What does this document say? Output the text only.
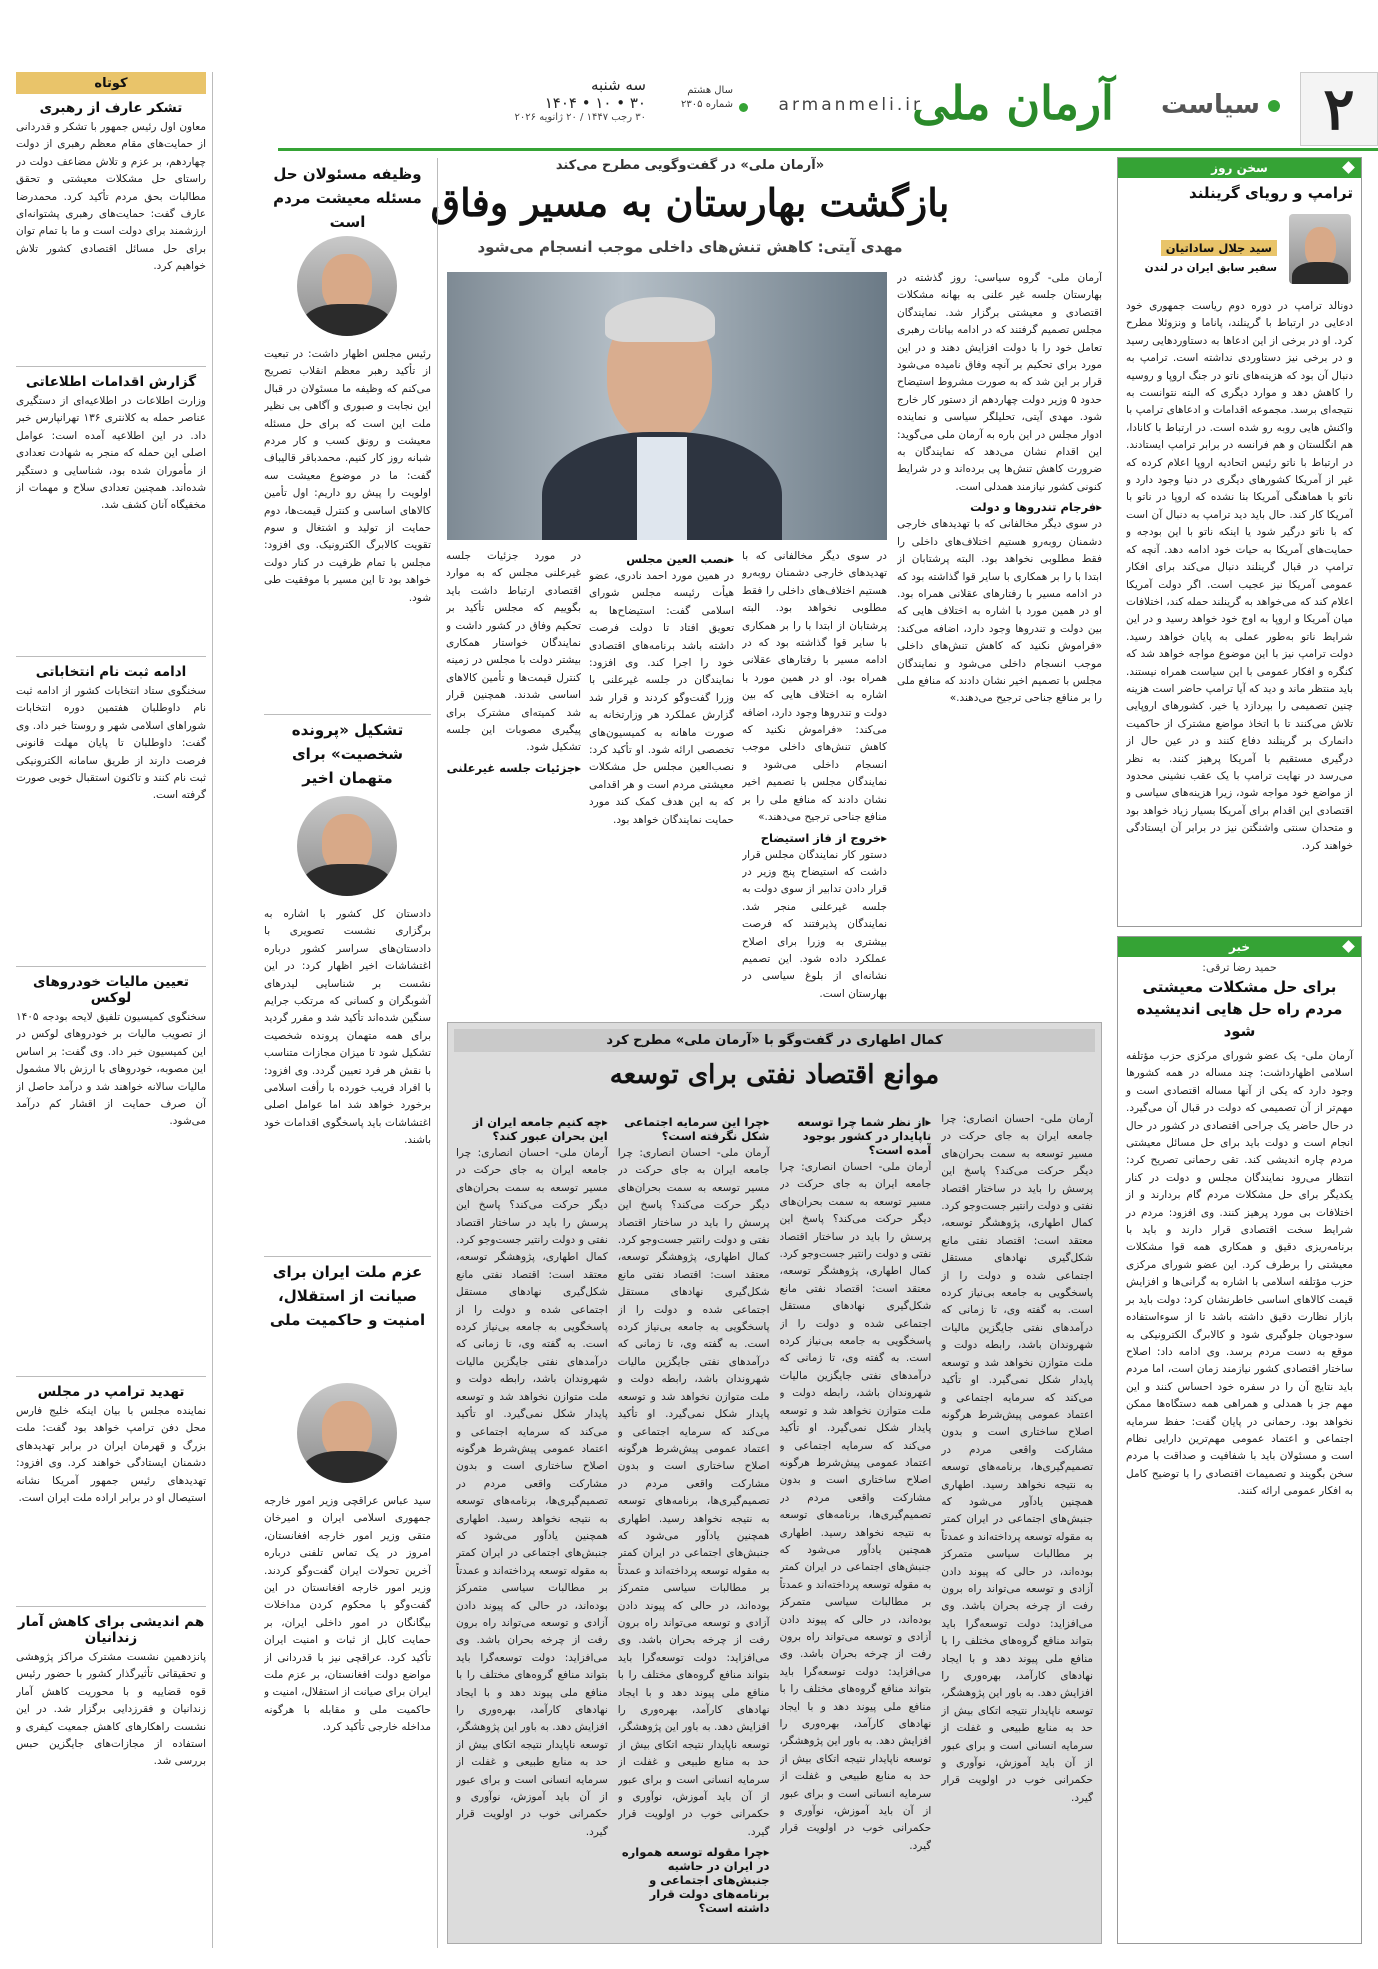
۲
سیاست
آرمان ملی
armanmeli.ir
سال هشتم
شماره ۲۳۰۵
سه شنبه
۳۰ • ۱۰ • ۱۴۰۴
۳۰ رجب ۱۴۴۷ / ۲۰ ژانویه ۲۰۲۶
سخن روز
ترامپ و رویای گرینلند
سید جلال ساداتیان
سفیر سابق ایران در لندن
دونالد ترامپ در دوره دوم ریاست جمهوری خود ادعایی در ارتباط با گرینلند، پاناما و ونزوئلا مطرح کرد. او در برخی از این ادعاها به دستاوردهایی رسید و در برخی نیز دستاوردی نداشته است. ترامپ به دنبال آن بود که هزینه‌های ناتو در جنگ اروپا و روسیه را کاهش دهد و موارد دیگری که البته نتوانست به نتیجه‌ای برسد. مجموعه اقدامات و ادعاهای ترامپ با واکنش هایی روبه رو شده است. در ارتباط با کانادا، هم انگلستان و هم فرانسه در برابر ترامپ ایستادند. در ارتباط با ناتو رئیس اتحادیه اروپا اعلام کرده که غیر از آمریکا کشورهای دیگری در دنیا وجود دارد و ناتو با هماهنگی آمریکا بنا نشده که اروپا در ناتو با آمریکا کار کند. حال باید دید ترامپ به دنبال آن است که با ناتو درگیر شود یا اینکه ناتو با این بودجه و حمایت‌های آمریکا به حیات خود ادامه دهد. آنچه که ترامپ در قبال گرینلند دنبال می‌کند برای افکار عمومی آمریکا نیز عجیب است. اگر دولت آمریکا اعلام کند که می‌خواهد به گرینلند حمله کند، اختلافات میان آمریکا و اروپا به اوج خود خواهد رسید و در این شرایط ناتو به‌طور عملی به پایان خواهد رسید. دولت ترامپ نیز با این موضوع مواجه خواهد شد که کنگره و افکار عمومی با این سیاست همراه نیستند. باید منتظر ماند و دید که آیا ترامپ حاضر است هزینه چنین تصمیمی را بپردازد یا خیر. کشورهای اروپایی تلاش می‌کنند تا با اتخاذ مواضع مشترک از حاکمیت دانمارک بر گرینلند دفاع کنند و در عین حال از درگیری مستقیم با آمریکا پرهیز کنند. به نظر می‌رسد در نهایت ترامپ با یک عقب نشینی محدود از مواضع خود مواجه شود، زیرا هزینه‌های سیاسی و اقتصادی این اقدام برای آمریکا بسیار زیاد خواهد بود و متحدان سنتی واشنگتن نیز در برابر آن ایستادگی خواهند کرد.
خبر
حمید رضا ترقی:
برای حل مشکلات معیشتی مردم راه حل هایی اندیشیده شود
آرمان ملی- یک عضو شورای مرکزی حزب مؤتلفه اسلامی اظهارداشت: چند مساله در همه کشورها وجود دارد که یکی از آنها مساله اقتصادی است و مهم‌تر از آن تصمیمی که دولت در قبال آن می‌گیرد. در حال حاضر یک جراحی اقتصادی در کشور در حال انجام است و دولت باید برای حل مسائل معیشتی مردم چاره اندیشی کند. تقی رحمانی تصریح کرد: انتظار می‌رود نمایندگان مجلس و دولت در کنار یکدیگر برای حل مشکلات مردم گام بردارند و از اختلافات بی مورد پرهیز کنند. وی افزود: مردم در شرایط سخت اقتصادی قرار دارند و باید با برنامه‌ریزی دقیق و همکاری همه قوا مشکلات معیشتی را برطرف کرد. این عضو شورای مرکزی حزب مؤتلفه اسلامی با اشاره به گرانی‌ها و افزایش قیمت کالاهای اساسی خاطرنشان کرد: دولت باید بر بازار نظارت دقیق داشته باشد تا از سوءاستفاده سودجویان جلوگیری شود و کالابرگ الکترونیکی به موقع به دست مردم برسد. وی ادامه داد: اصلاح ساختار اقتصادی کشور نیازمند زمان است، اما مردم باید نتایج آن را در سفره خود احساس کنند و این مهم جز با همدلی و همراهی همه دستگاه‌ها ممکن نخواهد بود. رحمانی در پایان گفت: حفظ سرمایه اجتماعی و اعتماد عمومی مهم‌ترین دارایی نظام است و مسئولان باید با شفافیت و صداقت با مردم سخن بگویند و تصمیمات اقتصادی را با توضیح کامل به افکار عمومی ارائه کنند.
«آرمان ملی» در گفت‌وگویی مطرح می‌کند
بازگشت بهارستان به مسیر وفاق
مهدی آیتی: کاهش تنش‌های داخلی موجب انسجام می‌شود
آرمان ملی- گروه سیاسی: روز گذشته در بهارستان جلسه غیر علنی به بهانه مشکلات اقتصادی و معیشتی برگزار شد. نمایندگان مجلس تصمیم گرفتند که در ادامه بیانات رهبری تعامل خود را با دولت افزایش دهند و در این مورد برای تحکیم بر آنچه وفاق نامیده می‌شود قرار بر این شد که به صورت مشروط استیضاح حدود ۵ وزیر دولت چهاردهم از دستور کار خارج شود. مهدی آیتی، تحلیلگر سیاسی و نماینده ادوار مجلس در این باره به آرمان ملی می‌گوید: این اقدام نشان می‌دهد که نمایندگان به ضرورت کاهش تنش‌ها پی برده‌اند و در شرایط کنونی کشور نیازمند همدلی است.
▸ فرجام تندروها و دولت
در سوی دیگر مخالفانی که با تهدیدهای خارجی دشمنان روبه‌رو هستیم اختلاف‌های داخلی را فقط مطلوبی نخواهد بود. البته پرشتابان از ابتدا با را بر همکاری با سایر قوا گذاشته بود که در ادامه مسیر با رفتارهای عقلانی همراه بود. او در همین مورد با اشاره به اختلاف هایی که بین دولت و تندروها وجود دارد، اضافه می‌کند: «فراموش نکنید که کاهش تنش‌های داخلی موجب انسجام داخلی می‌شود و نمایندگان مجلس با تصمیم اخیر نشان دادند که منافع ملی را بر منافع جناحی ترجیح می‌دهند.»
در سوی دیگر مخالفانی که با تهدیدهای خارجی دشمنان روبه‌رو هستیم اختلاف‌های داخلی را فقط مطلوبی نخواهد بود. البته پرشتابان از ابتدا با را بر همکاری با سایر قوا گذاشته بود که در ادامه مسیر با رفتارهای عقلانی همراه بود. او در همین مورد با اشاره به اختلاف هایی که بین دولت و تندروها وجود دارد، اضافه می‌کند: «فراموش نکنید که کاهش تنش‌های داخلی موجب انسجام داخلی می‌شود و نمایندگان مجلس با تصمیم اخیر نشان دادند که منافع ملی را بر منافع جناحی ترجیح می‌دهند.»
▸ خروج از فاز استیضاح
دستور کار نمایندگان مجلس قرار داشت که استیضاح پنج وزیر در قرار دادن تدابیر از سوی دولت به جلسه غیرعلنی منجر شد. نمایندگان پذیرفتند که فرصت بیشتری به وزرا برای اصلاح عملکرد داده شود. این تصمیم نشانه‌ای از بلوغ سیاسی در بهارستان است.
▸ نصب العین مجلس
در همین مورد احمد نادری، عضو هیأت رئیسه مجلس شورای اسلامی گفت: استیضاح‌ها به تعویق افتاد تا دولت فرصت داشته باشد برنامه‌های اقتصادی خود را اجرا کند. وی افزود: نمایندگان در جلسه غیرعلنی با وزرا گفت‌وگو کردند و قرار شد گزارش عملکرد هر وزارتخانه به صورت ماهانه به کمیسیون‌های تخصصی ارائه شود. او تأکید کرد: نصب‌العین مجلس حل مشکلات معیشتی مردم است و هر اقدامی که به این هدف کمک کند مورد حمایت نمایندگان خواهد بود.
در مورد جزئیات جلسه غیرعلنی مجلس که به موارد اقتصادی ارتباط داشت باید بگوییم که مجلس تأکید بر تحکیم وفاق در کشور داشت و نمایندگان خواستار همکاری بیشتر دولت با مجلس در زمینه کنترل قیمت‌ها و تأمین کالاهای اساسی شدند. همچنین قرار شد کمیته‌ای مشترک برای پیگیری مصوبات این جلسه تشکیل شود.
▸ جزئیات جلسه غیرعلنی
وظیفه مسئولان حل مسئله معیشت مردم است
رئیس مجلس اظهار داشت: در تبعیت از تأکید رهبر معظم انقلاب تصریح می‌کنم که وظیفه ما مسئولان در قبال این نجابت و صبوری و آگاهی بی نظیر ملت این است که برای حل مسئله معیشت و رونق کسب و کار مردم شبانه روز کار کنیم. محمدباقر قالیباف گفت: ما در موضوع معیشت سه اولویت را پیش رو داریم: اول تأمین کالاهای اساسی و کنترل قیمت‌ها، دوم حمایت از تولید و اشتغال و سوم تقویت کالابرگ الکترونیک. وی افزود: مجلس با تمام ظرفیت در کنار دولت خواهد بود تا این مسیر با موفقیت طی شود.
تشکیل «پرونده شخصیت» برای متهمان اخیر
دادستان کل کشور با اشاره به برگزاری نشست تصویری با دادستان‌های سراسر کشور درباره اغتشاشات اخیر اظهار کرد: در این نشست بر شناسایی لیدرهای آشوبگران و کسانی که مرتکب جرایم سنگین شده‌اند تأکید شد و مقرر گردید برای همه متهمان پرونده شخصیت تشکیل شود تا میزان مجازات متناسب با نقش هر فرد تعیین گردد. وی افزود: با افراد فریب خورده با رأفت اسلامی برخورد خواهد شد اما عوامل اصلی اغتشاشات باید پاسخگوی اقدامات خود باشند.
عزم ملت ایران برای صیانت از استقلال، امنیت و حاکمیت ملی
سید عباس عراقچی وزیر امور خارجه جمهوری اسلامی ایران و امیرخان متقی وزیر امور خارجه افغانستان، امروز در یک تماس تلفنی درباره آخرین تحولات ایران گفت‌وگو کردند. وزیر امور خارجه افغانستان در این گفت‌وگو با محکوم کردن مداخلات بیگانگان در امور داخلی ایران، بر حمایت کابل از ثبات و امنیت ایران تأکید کرد. عراقچی نیز با قدردانی از مواضع دولت افغانستان، بر عزم ملت ایران برای صیانت از استقلال، امنیت و حاکمیت ملی و مقابله با هرگونه مداخله خارجی تأکید کرد.
کوتاه
تشکر عارف از رهبری
معاون اول رئیس جمهور با تشکر و قدردانی از حمایت‌های مقام معظم رهبری از دولت چهاردهم، بر عزم و تلاش مضاعف دولت در راستای حل مشکلات معیشتی و تحقق مطالبات بحق مردم تأکید کرد. محمدرضا عارف گفت: حمایت‌های رهبری پشتوانه‌ای ارزشمند برای دولت است و ما با تمام توان برای حل مسائل اقتصادی کشور تلاش خواهیم کرد.
گزارش اقدامات اطلاعاتی
وزارت اطلاعات در اطلاعیه‌ای از دستگیری عناصر حمله به کلانتری ۱۳۶ تهرانپارس خبر داد. در این اطلاعیه آمده است: عوامل اصلی این حمله که منجر به شهادت تعدادی از مأموران شده بود، شناسایی و دستگیر شده‌اند. همچنین تعدادی سلاح و مهمات از مخفیگاه آنان کشف شد.
ادامه ثبت نام انتخاباتی
سخنگوی ستاد انتخابات کشور از ادامه ثبت نام داوطلبان هفتمین دوره انتخابات شوراهای اسلامی شهر و روستا خبر داد. وی گفت: داوطلبان تا پایان مهلت قانونی فرصت دارند از طریق سامانه الکترونیکی ثبت نام کنند و تاکنون استقبال خوبی صورت گرفته است.
تعیین مالیات خودروهای لوکس
سخنگوی کمیسیون تلفیق لایحه بودجه ۱۴۰۵ از تصویب مالیات بر خودروهای لوکس در این کمیسیون خبر داد. وی گفت: بر اساس این مصوبه، خودروهای با ارزش بالا مشمول مالیات سالانه خواهند شد و درآمد حاصل از آن صرف حمایت از اقشار کم درآمد می‌شود.
تهدید ترامپ در مجلس
نماینده مجلس با بیان اینکه خلیج فارس محل دفن ترامپ خواهد بود گفت: ملت بزرگ و قهرمان ایران در برابر تهدیدهای دشمنان ایستادگی خواهند کرد. وی افزود: تهدیدهای رئیس جمهور آمریکا نشانه استیصال او در برابر اراده ملت ایران است.
هم اندیشی برای کاهش آمار زندانیان
پانزدهمین نشست مشترک مراکز پژوهشی و تحقیقاتی تأثیرگذار کشور با حضور رئیس قوه قضاییه و با محوریت کاهش آمار زندانیان و فقرزدایی برگزار شد. در این نشست راهکارهای کاهش جمعیت کیفری و استفاده از مجازات‌های جایگزین حبس بررسی شد.
کمال اطهاری در گفت‌وگو با «آرمان ملی» مطرح کرد
موانع اقتصاد نفتی برای توسعه
آرمان ملی- احسان انصاری: چرا جامعه ایران به جای حرکت در مسیر توسعه به سمت بحران‌های دیگر حرکت می‌کند؟ پاسخ این پرسش را باید در ساختار اقتصاد نفتی و دولت رانتیر جست‌وجو کرد. کمال اطهاری، پژوهشگر توسعه، معتقد است: اقتصاد نفتی مانع شکل‌گیری نهادهای مستقل اجتماعی شده و دولت را از پاسخگویی به جامعه بی‌نیاز کرده است. به گفته وی، تا زمانی که درآمدهای نفتی جایگزین مالیات شهروندان باشد، رابطه دولت و ملت متوازن نخواهد شد و توسعه پایدار شکل نمی‌گیرد. او تأکید می‌کند که سرمایه اجتماعی و اعتماد عمومی پیش‌شرط هرگونه اصلاح ساختاری است و بدون مشارکت واقعی مردم در تصمیم‌گیری‌ها، برنامه‌های توسعه به نتیجه نخواهد رسید. اطهاری همچنین یادآور می‌شود که جنبش‌های اجتماعی در ایران کمتر به مقوله توسعه پرداخته‌اند و عمدتاً بر مطالبات سیاسی متمرکز بوده‌اند، در حالی که پیوند دادن آزادی و توسعه می‌تواند راه برون رفت از چرخه بحران باشد. وی می‌افزاید: دولت توسعه‌گرا باید بتواند منافع گروه‌های مختلف را با منافع ملی پیوند دهد و با ایجاد نهادهای کارآمد، بهره‌وری را افزایش دهد. به باور این پژوهشگر، توسعه ناپایدار نتیجه اتکای بیش از حد به منابع طبیعی و غفلت از سرمایه انسانی است و برای عبور از آن باید آموزش، نوآوری و حکمرانی خوب در اولویت قرار گیرد.
▸ از نظر شما چرا توسعه ناپایدار در کشور بوجود آمده است؟
آرمان ملی- احسان انصاری: چرا جامعه ایران به جای حرکت در مسیر توسعه به سمت بحران‌های دیگر حرکت می‌کند؟ پاسخ این پرسش را باید در ساختار اقتصاد نفتی و دولت رانتیر جست‌وجو کرد. کمال اطهاری، پژوهشگر توسعه، معتقد است: اقتصاد نفتی مانع شکل‌گیری نهادهای مستقل اجتماعی شده و دولت را از پاسخگویی به جامعه بی‌نیاز کرده است. به گفته وی، تا زمانی که درآمدهای نفتی جایگزین مالیات شهروندان باشد، رابطه دولت و ملت متوازن نخواهد شد و توسعه پایدار شکل نمی‌گیرد. او تأکید می‌کند که سرمایه اجتماعی و اعتماد عمومی پیش‌شرط هرگونه اصلاح ساختاری است و بدون مشارکت واقعی مردم در تصمیم‌گیری‌ها، برنامه‌های توسعه به نتیجه نخواهد رسید. اطهاری همچنین یادآور می‌شود که جنبش‌های اجتماعی در ایران کمتر به مقوله توسعه پرداخته‌اند و عمدتاً بر مطالبات سیاسی متمرکز بوده‌اند، در حالی که پیوند دادن آزادی و توسعه می‌تواند راه برون رفت از چرخه بحران باشد. وی می‌افزاید: دولت توسعه‌گرا باید بتواند منافع گروه‌های مختلف را با منافع ملی پیوند دهد و با ایجاد نهادهای کارآمد، بهره‌وری را افزایش دهد. به باور این پژوهشگر، توسعه ناپایدار نتیجه اتکای بیش از حد به منابع طبیعی و غفلت از سرمایه انسانی است و برای عبور از آن باید آموزش، نوآوری و حکمرانی خوب در اولویت قرار گیرد.
▸ چرا این سرمایه اجتماعی شکل نگرفته است؟
آرمان ملی- احسان انصاری: چرا جامعه ایران به جای حرکت در مسیر توسعه به سمت بحران‌های دیگر حرکت می‌کند؟ پاسخ این پرسش را باید در ساختار اقتصاد نفتی و دولت رانتیر جست‌وجو کرد. کمال اطهاری، پژوهشگر توسعه، معتقد است: اقتصاد نفتی مانع شکل‌گیری نهادهای مستقل اجتماعی شده و دولت را از پاسخگویی به جامعه بی‌نیاز کرده است. به گفته وی، تا زمانی که درآمدهای نفتی جایگزین مالیات شهروندان باشد، رابطه دولت و ملت متوازن نخواهد شد و توسعه پایدار شکل نمی‌گیرد. او تأکید می‌کند که سرمایه اجتماعی و اعتماد عمومی پیش‌شرط هرگونه اصلاح ساختاری است و بدون مشارکت واقعی مردم در تصمیم‌گیری‌ها، برنامه‌های توسعه به نتیجه نخواهد رسید. اطهاری همچنین یادآور می‌شود که جنبش‌های اجتماعی در ایران کمتر به مقوله توسعه پرداخته‌اند و عمدتاً بر مطالبات سیاسی متمرکز بوده‌اند، در حالی که پیوند دادن آزادی و توسعه می‌تواند راه برون رفت از چرخه بحران باشد. وی می‌افزاید: دولت توسعه‌گرا باید بتواند منافع گروه‌های مختلف را با منافع ملی پیوند دهد و با ایجاد نهادهای کارآمد، بهره‌وری را افزایش دهد. به باور این پژوهشگر، توسعه ناپایدار نتیجه اتکای بیش از حد به منابع طبیعی و غفلت از سرمایه انسانی است و برای عبور از آن باید آموزش، نوآوری و حکمرانی خوب در اولویت قرار گیرد.
▸ چرا مقوله توسعه همواره در ایران در حاشیه جنبش‌های اجتماعی و برنامه‌های دولت قرار داشته است؟
▸ چه کنیم جامعه ایران از این بحران عبور کند؟
آرمان ملی- احسان انصاری: چرا جامعه ایران به جای حرکت در مسیر توسعه به سمت بحران‌های دیگر حرکت می‌کند؟ پاسخ این پرسش را باید در ساختار اقتصاد نفتی و دولت رانتیر جست‌وجو کرد. کمال اطهاری، پژوهشگر توسعه، معتقد است: اقتصاد نفتی مانع شکل‌گیری نهادهای مستقل اجتماعی شده و دولت را از پاسخگویی به جامعه بی‌نیاز کرده است. به گفته وی، تا زمانی که درآمدهای نفتی جایگزین مالیات شهروندان باشد، رابطه دولت و ملت متوازن نخواهد شد و توسعه پایدار شکل نمی‌گیرد. او تأکید می‌کند که سرمایه اجتماعی و اعتماد عمومی پیش‌شرط هرگونه اصلاح ساختاری است و بدون مشارکت واقعی مردم در تصمیم‌گیری‌ها، برنامه‌های توسعه به نتیجه نخواهد رسید. اطهاری همچنین یادآور می‌شود که جنبش‌های اجتماعی در ایران کمتر به مقوله توسعه پرداخته‌اند و عمدتاً بر مطالبات سیاسی متمرکز بوده‌اند، در حالی که پیوند دادن آزادی و توسعه می‌تواند راه برون رفت از چرخه بحران باشد. وی می‌افزاید: دولت توسعه‌گرا باید بتواند منافع گروه‌های مختلف را با منافع ملی پیوند دهد و با ایجاد نهادهای کارآمد، بهره‌وری را افزایش دهد. به باور این پژوهشگر، توسعه ناپایدار نتیجه اتکای بیش از حد به منابع طبیعی و غفلت از سرمایه انسانی است و برای عبور از آن باید آموزش، نوآوری و حکمرانی خوب در اولویت قرار گیرد.
